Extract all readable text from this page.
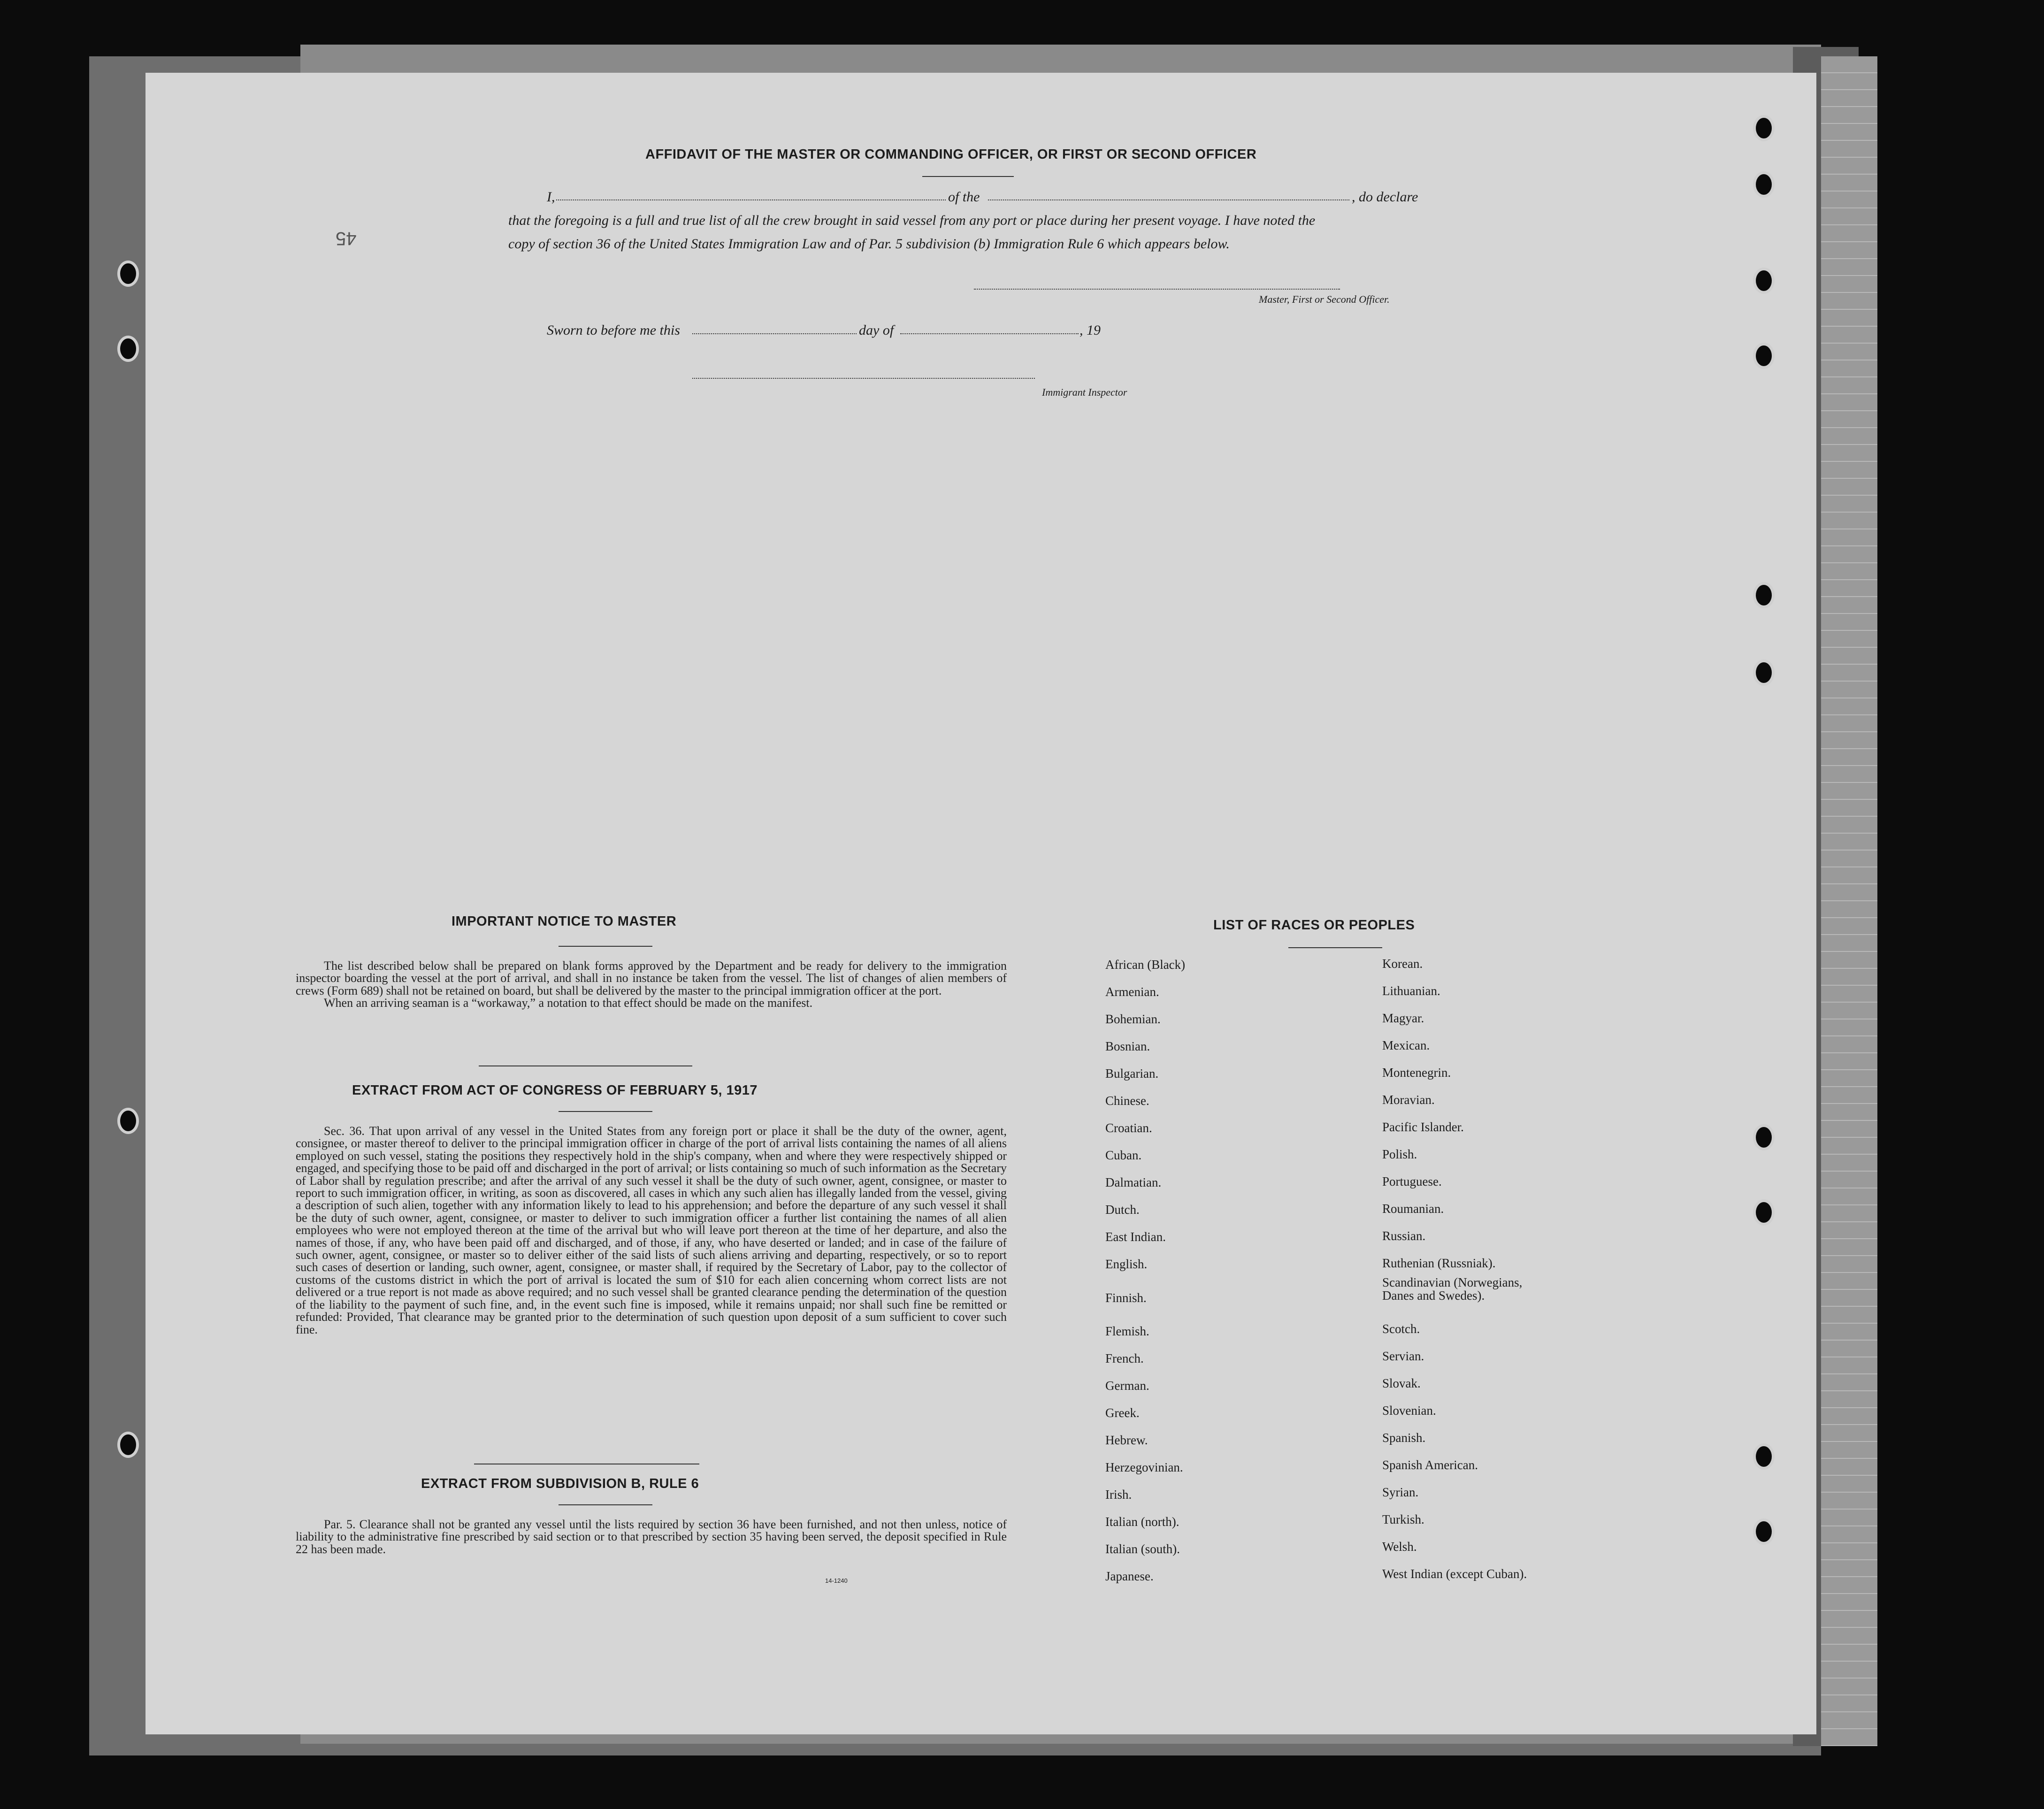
45
AFFIDAVIT OF THE MASTER OR COMMANDING OFFICER, OR FIRST OR SECOND OFFICER
I,	of the	, do declare
that the foregoing is a full and true list of all the crew brought in said vessel from any port or place during her present voyage. I have noted the
copy of section 36 of the United States Immigration Law and of Par. 5 subdivision (b) Immigration Rule 6 which appears below.
Master, First or Second Officer.
Sworn to before me this	day of	, 19
Immigrant Inspector
IMPORTANT NOTICE TO MASTER

The list described below shall be prepared on blank forms approved by the Department and be ready for delivery to the immigration inspector boarding the vessel at the port of arrival, and shall in no instance be taken from the vessel. The list of changes of alien members of crews (Form 689) shall not be retained on board, but shall be delivered by the master to the principal immigration officer at the port.

When an arriving seaman is a “workaway,” a notation to that effect should be made on the manifest.

EXTRACT FROM ACT OF CONGRESS OF FEBRUARY 5, 1917

Sec. 36. That upon arrival of any vessel in the United States from any foreign port or place it shall be the duty of the owner, agent, consignee, or master thereof to deliver to the principal immigration officer in charge of the port of arrival lists containing the names of all aliens employed on such vessel, stating the positions they respectively hold in the ship's company, when and where they were respectively shipped or engaged, and specifying those to be paid off and discharged in the port of arrival; or lists containing so much of such information as the Secretary of Labor shall by regulation prescribe; and after the arrival of any such vessel it shall be the duty of such owner, agent, consignee, or master to report to such immigration officer, in writing, as soon as discovered, all cases in which any such alien has illegally landed from the vessel, giving a description of such alien, together with any information likely to lead to his apprehension; and before the departure of any such vessel it shall be the duty of such owner, agent, consignee, or master to deliver to such immigration officer a further list containing the names of all alien employees who were not employed thereon at the time of the arrival but who will leave port thereon at the time of her departure, and also the names of those, if any, who have been paid off and discharged, and of those, if any, who have deserted or landed; and in case of the failure of such owner, agent, consignee, or master so to deliver either of the said lists of such aliens arriving and departing, respectively, or so to report such cases of desertion or landing, such owner, agent, consignee, or master shall, if required by the Secretary of Labor, pay to the collector of customs of the customs district in which the port of arrival is located the sum of $10 for each alien concerning whom correct lists are not delivered or a true report is not made as above required; and no such vessel shall be granted clearance pending the determination of the question of the liability to the payment of such fine, and, in the event such fine is imposed, while it remains unpaid; nor shall such fine be remitted or refunded: Provided, That clearance may be granted prior to the determination of such question upon deposit of a sum sufficient to cover such fine.

EXTRACT FROM SUBDIVISION B, RULE 6

Par. 5. Clearance shall not be granted any vessel until the lists required by section 36 have been furnished, and not then unless, notice of liability to the administrative fine prescribed by said section or to that prescribed by section 35 having been served, the deposit specified in Rule 22 has been made.

14-1240
LIST OF RACES OR PEOPLES
African (Black)
Armenian.
Bohemian.
Bosnian.
Bulgarian.
Chinese.
Croatian.
Cuban.
Dalmatian.
Dutch.
East Indian.
English.
Finnish.
Flemish.
French.
German.
Greek.
Hebrew.
Herzegovinian.
Irish.
Italian (north).
Italian (south).
Japanese.
Korean.
Lithuanian.
Magyar.
Mexican.
Montenegrin.
Moravian.
Pacific Islander.
Polish.
Portuguese.
Roumanian.
Russian.
Ruthenian (Russniak).
Scandinavian (Norwegians, Danes and Swedes).
Scotch.
Servian.
Slovak.
Slovenian.
Spanish.
Spanish American.
Syrian.
Turkish.
Welsh.
West Indian (except Cuban).
